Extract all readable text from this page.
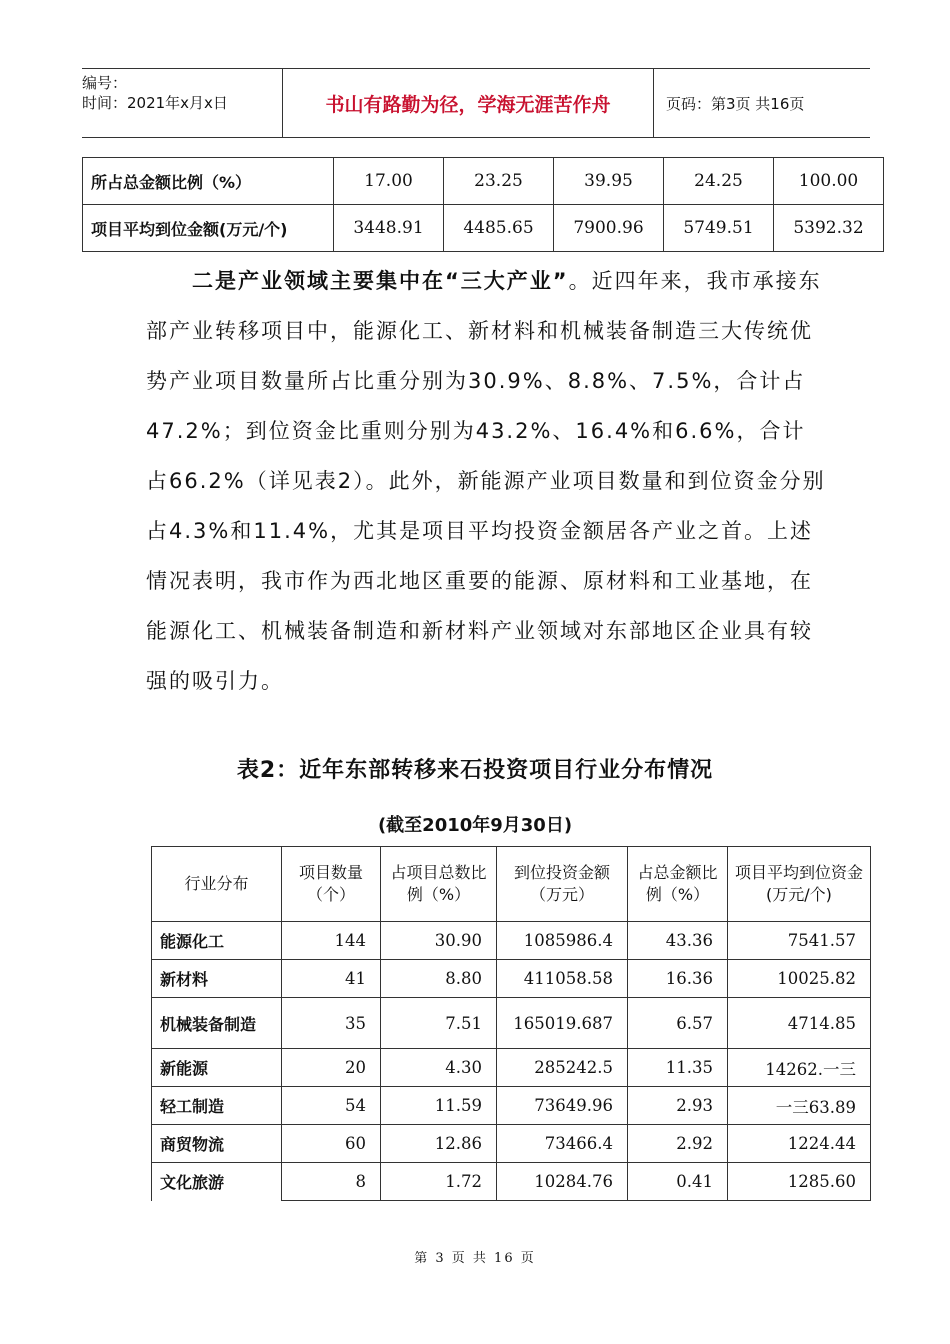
编号：
时间：2021年x月x日	书山有路勤为径，学海无涯苦作舟	页码：第3页 共16页
所占总金额比例（%）	17.00	23.25	39.95	24.25	100.00
项目平均到位金额(万元/个)	3448.91	4485.65	7900.96	5749.51	5392.32
二是产业领域主要集中在“三大产业”。近四年来，我市承接东部产业转移项目中，能源化工、新材料和机械装备制造三大传统优势产业项目数量所占比重分别为30.9%、8.8%、7.5%，合计占47.2%；到位资金比重则分别为43.2%、16.4%和6.6%，合计占66.2%（详见表2）。此外，新能源产业项目数量和到位资金分别占4.3%和11.4%，尤其是项目平均投资金额居各产业之首。上述情况表明，我市作为西北地区重要的能源、原材料和工业基地，在能源化工、机械装备制造和新材料产业领域对东部地区企业具有较强的吸引力。
表2：近年东部转移来石投资项目行业分布情况
(截至2010年9月30日)
行业分布	项目数量（个）	占项目总数比例（%）	到位投资金额（万元）	占总金额比例（%）	项目平均到位资金(万元/个)
能源化工	144	30.90	1085986.4	43.36	7541.57
新材料	41	8.80	411058.58	16.36	10025.82
机械装备制造	35	7.51	165019.687	6.57	4714.85
新能源	20	4.30	285242.5	11.35	14262.一三
轻工制造	54	11.59	73649.96	2.93	一三63.89
商贸物流	60	12.86	73466.4	2.92	1224.44
文化旅游	8	1.72	10284.76	0.41	1285.60
第 3 页 共 16 页
